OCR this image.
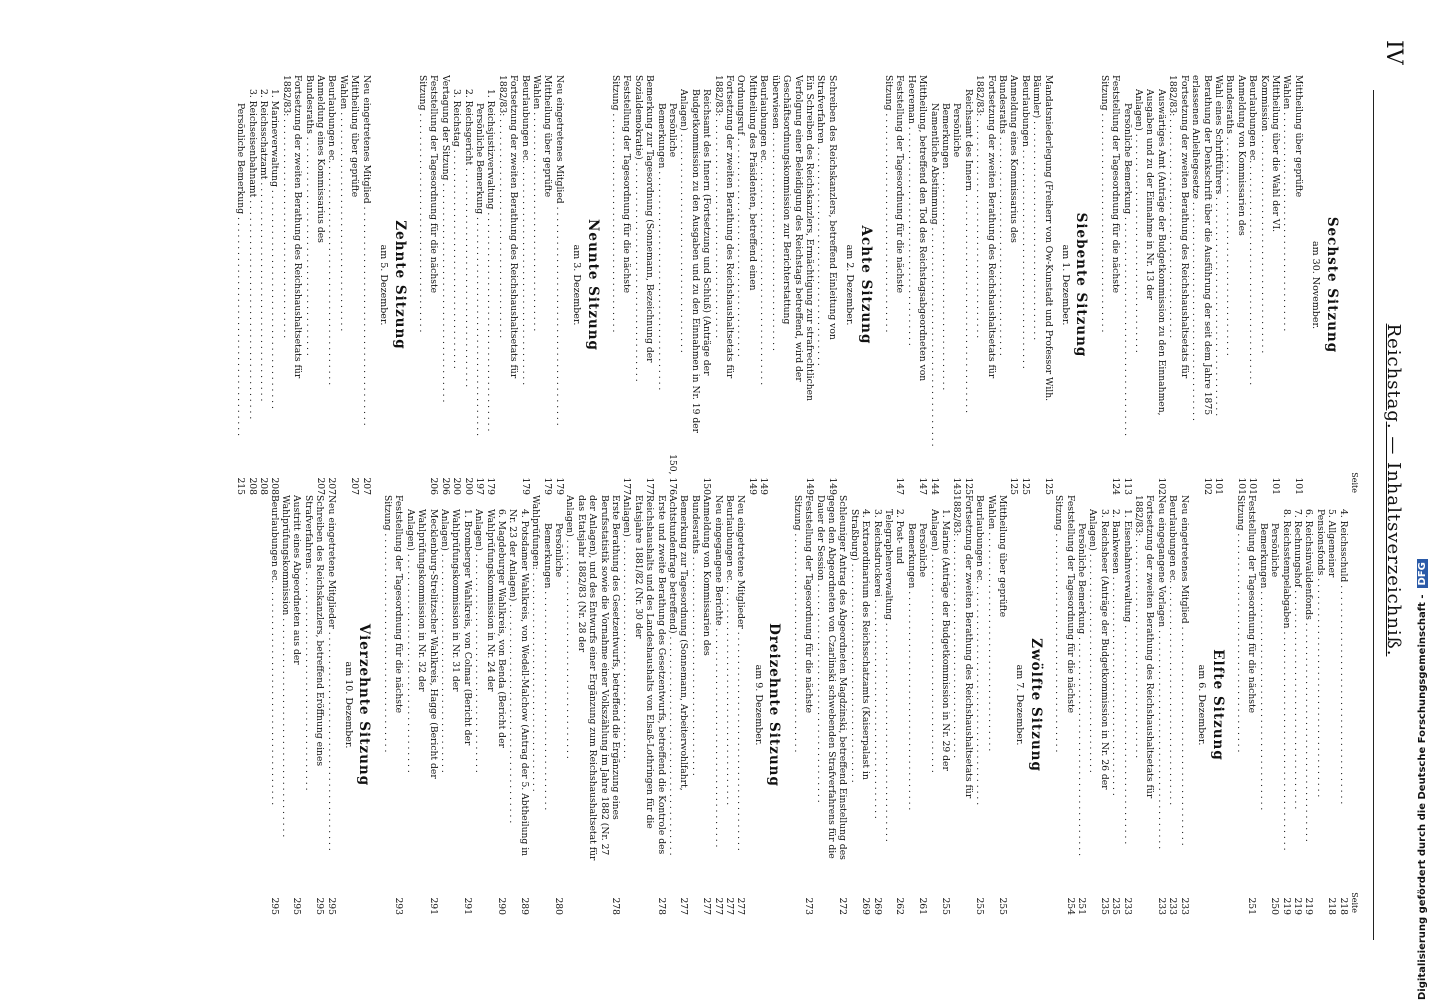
IV
Reichstag. — Inhaltsverzeichniß.
Seite
Sechste Sitzung
am 30. November.
Mittheilung über geprüfte Wahlen . . .
101
Mittheilung über die Wahl der VI. Kommission . . .
101
Beurlaubungen ec. . . .
101
Anmeldung von Kommissarien des Bundesraths . . .
101
Wahl eines Schriftführers . . .
101
Berathung der Denkschrift über die Ausführung der seit dem Jahre 1875 erlassenen Anleihegesetze . . .
102
Fortsetzung der zweiten Berathung des Reichshaushaltsetats für 1882/83: . . .
Auswärtiges Amt (Anträge der Budgetkommission zu den Einnahmen, Ausgaben und zu der Einnahme in Nr. 13 der Anlagen) . . .
102
Persönliche Bemerkung . . .
113
Feststellung der Tagesordnung für die nächste Sitzung . . .
124
Siebente Sitzung
am 1. Dezember.
Mandatsniederlegung (Freiherr von Ow-Kunstadt und Professor Wilh. Bäumler) . . .
125
Beurlaubungen . . .
125
Anmeldung eines Kommissarius des Bundesraths . . .
125
Fortsetzung der zweiten Berathung des Reichshaushaltsetats für 1882/83: . . .
Reichsamt des Innern . . .
125
Persönliche Bemerkungen . . .
143
Namentliche Abstimmung . . .
144
Mittheilung, betreffend den Tod des Reichstagsabgeordneten von Heereman . . .
147
Feststellung der Tagesordnung für die nächste Sitzung . . .
147
Achte Sitzung
am 2. Dezember.
Schreiben des Reichskanzlers, betreffend Einleitung von Strafverfahren . . .
149
Ein Schreiben des Reichskanzlers, Ermächtigung zur strafrechtlichen Verfolgung einer Beleidigung des Reichstags betreffend, wird der Geschäftsordnungskommission zur Berichterstattung überwiesen . . .
149
Beurlaubungen ec. . . .
149
Mittheilung des Präsidenten, betreffend einen Ordnungsruf . . .
149
Fortsetzung der zweiten Berathung des Reichshaushaltsetats für 1882/83: . . .
Reichsamt des Innern (Fortsetzung und Schluß) (Anträge der Budgetkommission zu den Ausgaben und zu den Einnahmen in Nr. 19 der Anlagen) . . .
150
Persönliche Bemerkungen . . .
150, 176
Bemerkung zur Tagesordnung (Sonnemann, Bezeichnung der Sozialdemokratie) . . .
177
Feststellung der Tagesordnung für die nächste Sitzung . . .
177
Neunte Sitzung
am 3. Dezember.
Neu eingetretenes Mitglied . . .
179
Mittheilung über geprüfte Wahlen . . .
179
Beurlaubungen ec. . . .
179
Fortsetzung der zweiten Berathung des Reichshaushaltsetats für 1882/83: . . .
1. Reichsjustizverwaltung . . .
179
Persönliche Bemerkung . . .
197
2. Reichsgericht . . .
200
3. Reichstag . . .
200
Vertagung der Sitzung . . .
206
Feststellung der Tagesordnung für die nächste Sitzung . . .
206
Zehnte Sitzung
am 5. Dezember.
Neu eingetretenes Mitglied . . .
207
Mittheilung über geprüfte Wahlen . . .
207
Beurlaubungen ec. . . .
207
Anmeldung eines Kommissarius des Bundesraths . . .
207
Fortsetzung der zweiten Berathung des Reichshaushaltsetats für 1882/83: . . .
1. Marineverwaltung . . .
208
2. Reichsschatzamt . . .
208
3. Reichseisenbahnamt . . .
208
Persönliche Bemerkung . . .
215
Seite
4. Reichsschuld . . .
218
5. Allgemeiner Pensionsfonds . . .
218
6. Reichsinvalidenfonds . . .
219
7. Rechnungshof . . .
219
8. Reichsstempelabgaben . . .
219
Persönliche Bemerkungen . . .
250
Feststellung der Tagesordnung für die nächste Sitzung . . .
251
Elfte Sitzung
am 6. Dezember.
Neu eingetretenes Mitglied . . .
233
Beurlaubungen ec. . . .
233
Neu eingegangene Vorlagen . . .
233
Fortsetzung der zweiten Berathung des Reichshaushaltsetats für 1882/83: . . .
1. Eisenbahnverwaltung . . .
233
2. Bankwesen . . .
235
3. Reichsheer (Anträge der Budgetkommission in Nr. 26 der Anlagen) . . .
235
Persönliche Bemerkung . . .
251
Feststellung der Tagesordnung für die nächste Sitzung . . .
254
Zwölfte Sitzung
am 7. Dezember.
Mittheilung über geprüfte Wahlen . . .
255
Beurlaubungen ec. . . .
255
Fortsetzung der zweiten Berathung des Reichshaushaltsetats für 1882/83: . . .
1. Marine (Anträge der Budgetkommission in Nr. 29 der Anlagen) . . .
255
Persönliche Bemerkungen . . .
261
2. Post- und Telegraphenverwaltung . . .
262
3. Reichsdruckerei . . .
269
4. Extraordinarium des Reichsschatzamts (Kaiserpalast in Straßburg) . . .
269
Schleuniger Antrag des Abgeordneten Magdzinski, betreffend Einstellung des gegen den Abgeordneten von Czarlinski schwebenden Strafverfahrens für die Dauer der Session . . .
272
Feststellung der Tagesordnung für die nächste Sitzung . . .
273
Dreizehnte Sitzung
am 9. Dezember.
Neu eingetretene Mitglieder . . .
277
Beurlaubungen ec. . . .
277
Neu eingegangene Berichte . . .
277
Anmeldung von Kommissarien des Bundesraths . . .
277
Bemerkung zur Tagesordnung (Sonnemann, Arbeiterwohlfahrt, Achtstundenfrage betreffend) . . .
277
Erste und zweite Berathung des Gesetzentwurfs, betreffend die Kontrole des Reichshaushalts und des Landeshaushalts von Elsaß-Lothringen für die Etatsjahre 1881/82 (Nr. 30 der Anlagen) . . .
278
Erste Berathung des Gesetzentwurfs, betreffend die Ergänzung eines Berufsstatistik sowie die Vornahme einer Volkszählung im Jahre 1882 (Nr. 27 der Anlagen), und des Entwurfs einer Ergänzung zum Reichshaushaltsetat für das Etatsjahr 1882/83 (Nr. 28 der Anlagen) . . .
278
Persönliche Bemerkungen . . .
280
Wahlprüfungen: . . .
4. Potsdamer Wahlkreis, von Wedell-Malchow (Antrag der 5. Abtheilung in Nr. 23 der Anlagen) . . .
289
6. Magdeburger Wahlkreis, von Benda (Bericht der Wahlprüfungskommission in Nr. 24 der Anlagen) . . .
290
1. Bromberger Wahlkreis, von Colmar (Bericht der Wahlprüfungskommission in Nr. 31 der Anlagen) . . .
291
Mecklenburg-Strelitzscher Wahlkreis, Hagge (Bericht der Wahlprüfungskommission in Nr. 32 der Anlagen) . . .
291
Feststellung der Tagesordnung für die nächste Sitzung . . .
293
Vierzehnte Sitzung
am 10. Dezember.
Neu eingetretene Mitglieder . . .
295
Schreiben des Reichskanzlers, betreffend Eröffnung eines Strafverfahrens . . .
295
Austritt eines Abgeordneten aus der Wahlprüfungskommission . . .
295
Beurlaubungen ec. . . .
295	Digitalisierung gefördert durch die Deutsche Forschungsgemeinschaft -DFG
